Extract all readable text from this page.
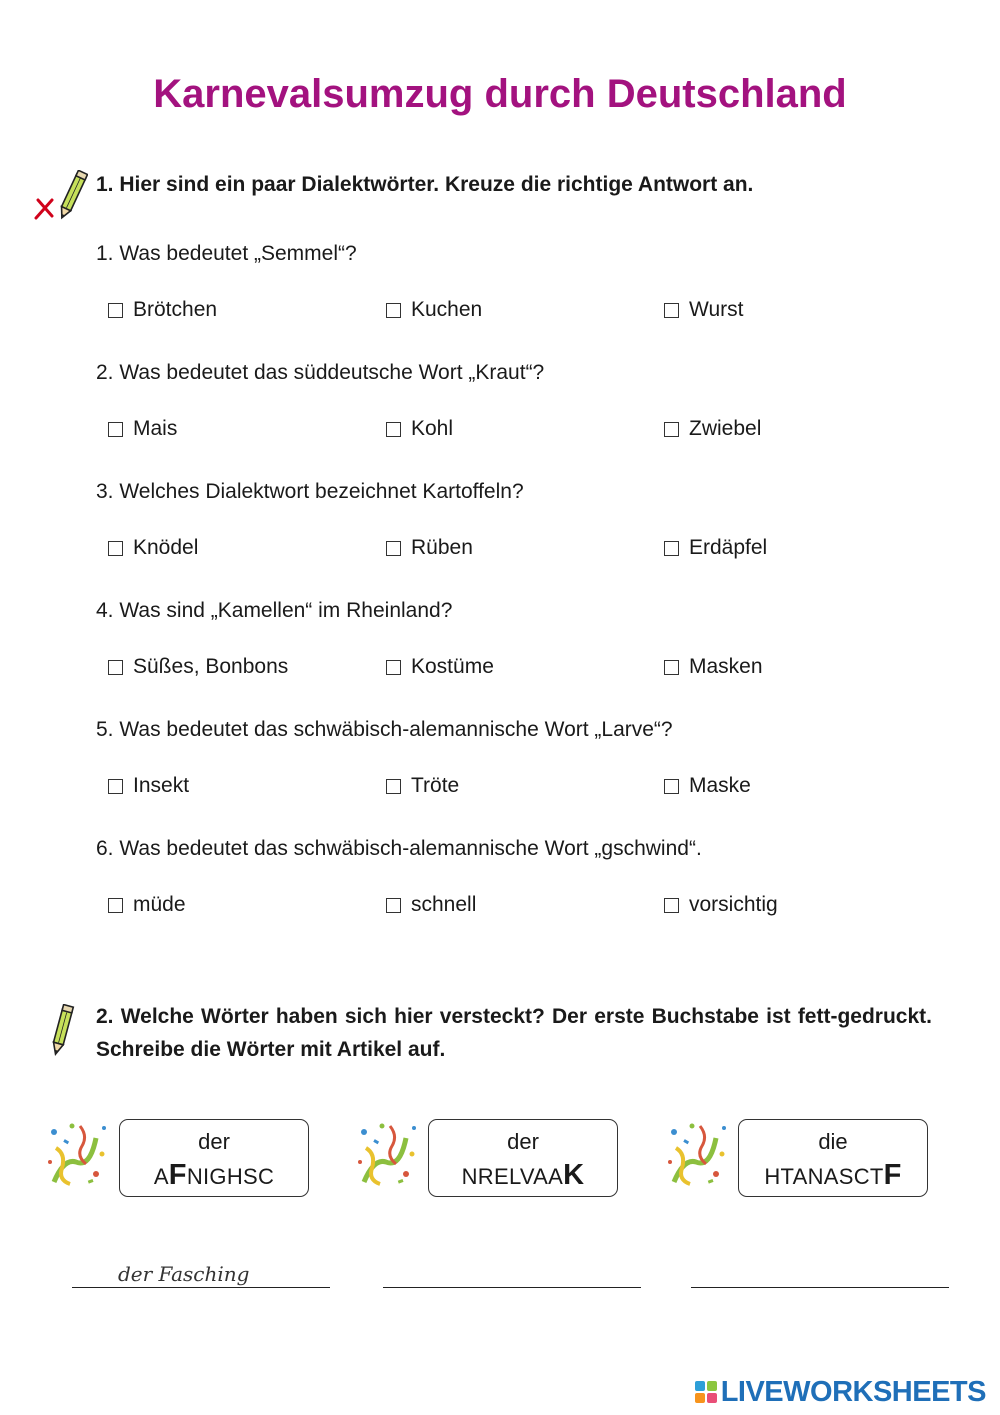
Karnevalsumzug durch Deutschland

1. Hier sind ein paar Dialektwörter. Kreuze die richtige Antwort an.

1. Was bedeutet „Semmel“?

Brötchen	Kuchen	Wurst

2. Was bedeutet das süddeutsche Wort „Kraut“?

Mais	Kohl	Zwiebel

3. Welches Dialektwort bezeichnet Kartoffeln?

Knödel	Rüben	Erdäpfel

4. Was sind „Kamellen“ im Rheinland?

Süßes, Bonbons	Kostüme	Masken

5. Was bedeutet das schwäbisch-alemannische Wort „Larve“?

Insekt	Tröte	Maske

6. Was bedeutet das schwäbisch-alemannische Wort „gschwind“.

müde	schnell	vorsichtig

2. Welche Wörter haben sich hier versteckt? Der erste Buchstabe ist fett-gedruckt. Schreibe die Wörter mit Artikel auf.

der
AFNIGHSC
der
NRELVAAK
die
HTANASCTF
der Fasching
LIVEWORKSHEETS
